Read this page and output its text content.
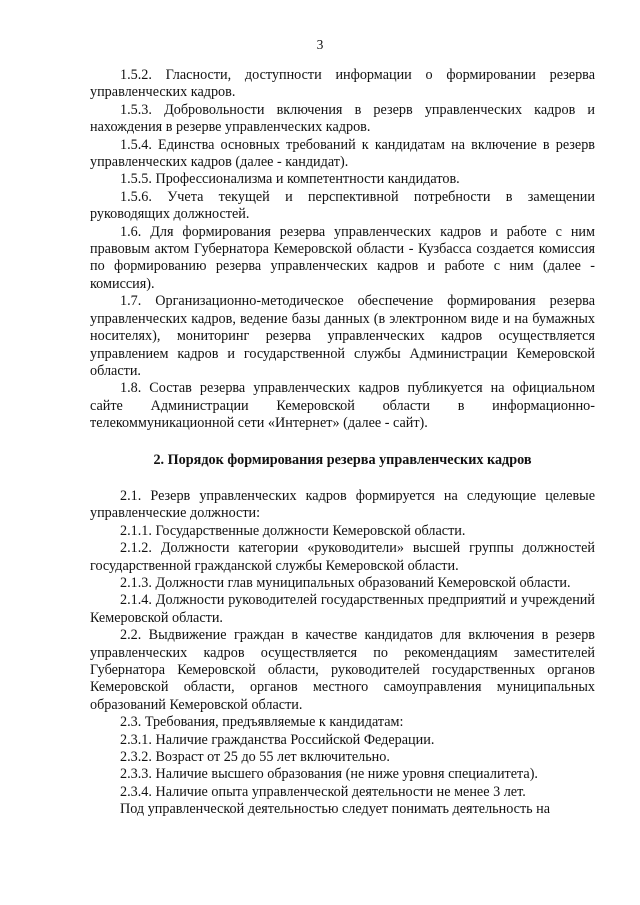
3

1.5.2. Гласности, доступности информации о формировании резерва управленческих кадров.

1.5.3. Добровольности включения в резерв управленческих кадров и нахождения в резерве управленческих кадров.

1.5.4. Единства основных требований к кандидатам на включение в резерв управленческих кадров (далее - кандидат).

1.5.5. Профессионализма и компетентности кандидатов.

1.5.6. Учета текущей и перспективной потребности в замещении руководящих должностей.

1.6. Для формирования резерва управленческих кадров и работе с ним правовым актом Губернатора Кемеровской области - Кузбасса создается комиссия по формированию резерва управленческих кадров и работе с ним (далее - комиссия).

1.7. Организационно-методическое обеспечение формирования резерва управленческих кадров, ведение базы данных (в электронном виде и на бумажных носителях), мониторинг резерва управленческих кадров осуществляется управлением кадров и государственной службы Администрации Кемеровской области.

1.8. Состав резерва управленческих кадров публикуется на официальном сайте Администрации Кемеровской области в информационно-телекоммуникационной сети «Интернет» (далее - сайт).

2. Порядок формирования резерва управленческих кадров

2.1. Резерв управленческих кадров формируется на следующие целевые управленческие должности:

2.1.1. Государственные должности Кемеровской области.

2.1.2. Должности категории «руководители» высшей группы должностей государственной гражданской службы Кемеровской области.

2.1.3. Должности глав муниципальных образований Кемеровской области.

2.1.4. Должности руководителей государственных предприятий и учреждений Кемеровской области.

2.2. Выдвижение граждан в качестве кандидатов для включения в резерв управленческих кадров осуществляется по рекомендациям заместителей Губернатора Кемеровской области, руководителей государственных органов Кемеровской области, органов местного самоуправления муниципальных образований Кемеровской области.

2.3. Требования, предъявляемые к кандидатам:

2.3.1. Наличие гражданства Российской Федерации.

2.3.2. Возраст от 25 до 55 лет включительно.

2.3.3. Наличие высшего образования (не ниже уровня специалитета).

2.3.4. Наличие опыта управленческой деятельности не менее 3 лет.

Под управленческой деятельностью следует понимать деятельность на
